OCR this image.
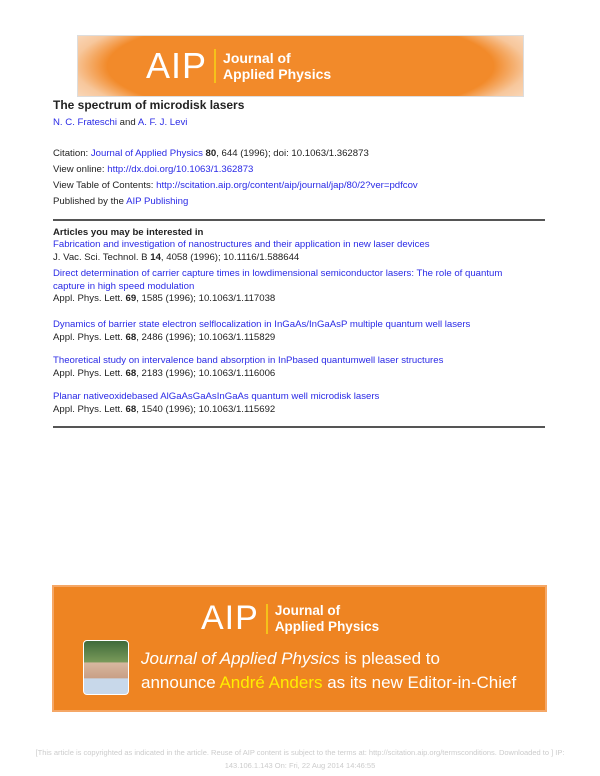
AIP Journal of
Applied Physics
The spectrum of microdisk lasers
N. C. Frateschi and A. F. J. Levi
Citation: Journal of Applied Physics 80, 644 (1996); doi: 10.1063/1.362873
View online: http://dx.doi.org/10.1063/1.362873
View Table of Contents: http://scitation.aip.org/content/aip/journal/jap/80/2?ver=pdfcov
Published by the AIP Publishing
Articles you may be interested in
Fabrication and investigation of nanostructures and their application in new laser devices
J. Vac. Sci. Technol. B 14, 4058 (1996); 10.1116/1.588644
Direct determination of carrier capture times in lowdimensional semiconductor lasers: The role of quantum
capture in high speed modulation
Appl. Phys. Lett. 69, 1585 (1996); 10.1063/1.117038
Dynamics of barrier state electron selflocalization in InGaAs/InGaAsP multiple quantum well lasers
Appl. Phys. Lett. 68, 2486 (1996); 10.1063/1.115829
Theoretical study on intervalence band absorption in InPbased quantumwell laser structures
Appl. Phys. Lett. 68, 2183 (1996); 10.1063/1.116006
Planar nativeoxidebased AlGaAsGaAsInGaAs quantum well microdisk lasers
Appl. Phys. Lett. 68, 1540 (1996); 10.1063/1.115692
AIP Journal of
Applied Physics
Journal of Applied Physics is pleased to
announce André Anders as its new Editor-in-Chief
[This article is copyrighted as indicated in the article. Reuse of AIP content is subject to the terms at: http://scitation.aip.org/termsconditions. Downloaded to ] IP:
143.106.1.143 On: Fri, 22 Aug 2014 14:46:55
